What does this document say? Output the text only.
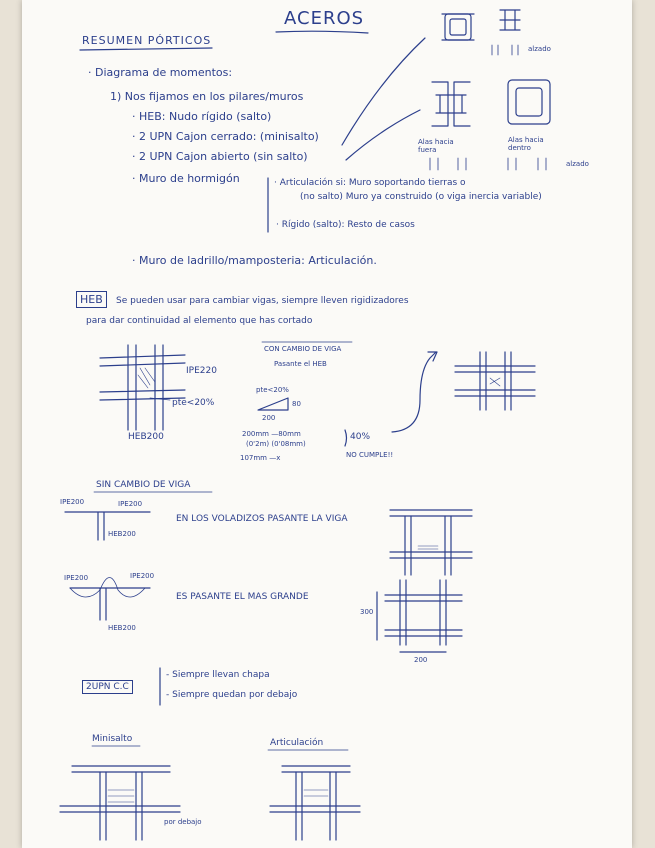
ACEROS
RESUMEN PÓRTICOS
· Diagrama de momentos:
1) Nos fijamos en los pilares/muros
· HEB: Nudo rígido (salto)
· 2 UPN Cajon cerrado: (minisalto)
· 2 UPN Cajon abierto (sin salto)
· Muro de hormigón	· Articulación si: Muro soportando tierras o
(no salto) Muro ya construido (o viga inercia variable)
· Rígido (salto): Resto de casos
· Muro de ladrillo/mamposteria: Articulación.
alzado
Alas hacia fuera
Alas hacia dentro
alzado
HEB	Se pueden usar para cambiar vigas, siempre lleven rigidizadores
para dar continuidad al elemento que has cortado
IPE220
pte<20%
HEB200
CON CAMBIO DE VIGA
Pasante el HEB
pte<20%
80
200
200mm —80mm
(0'2m) (0'08mm)
107mm —x
40%
NO CUMPLE!!
SIN CAMBIO DE VIGA
IPE200	IPE200
HEB200
EN LOS VOLADIZOS PASANTE LA VIGA
IPE200	IPE200
HEB200
ES PASANTE EL MAS GRANDE
300
200
2UPN C.C
- Siempre llevan chapa
- Siempre quedan por debajo
Minisalto	Articulación
por debajo
